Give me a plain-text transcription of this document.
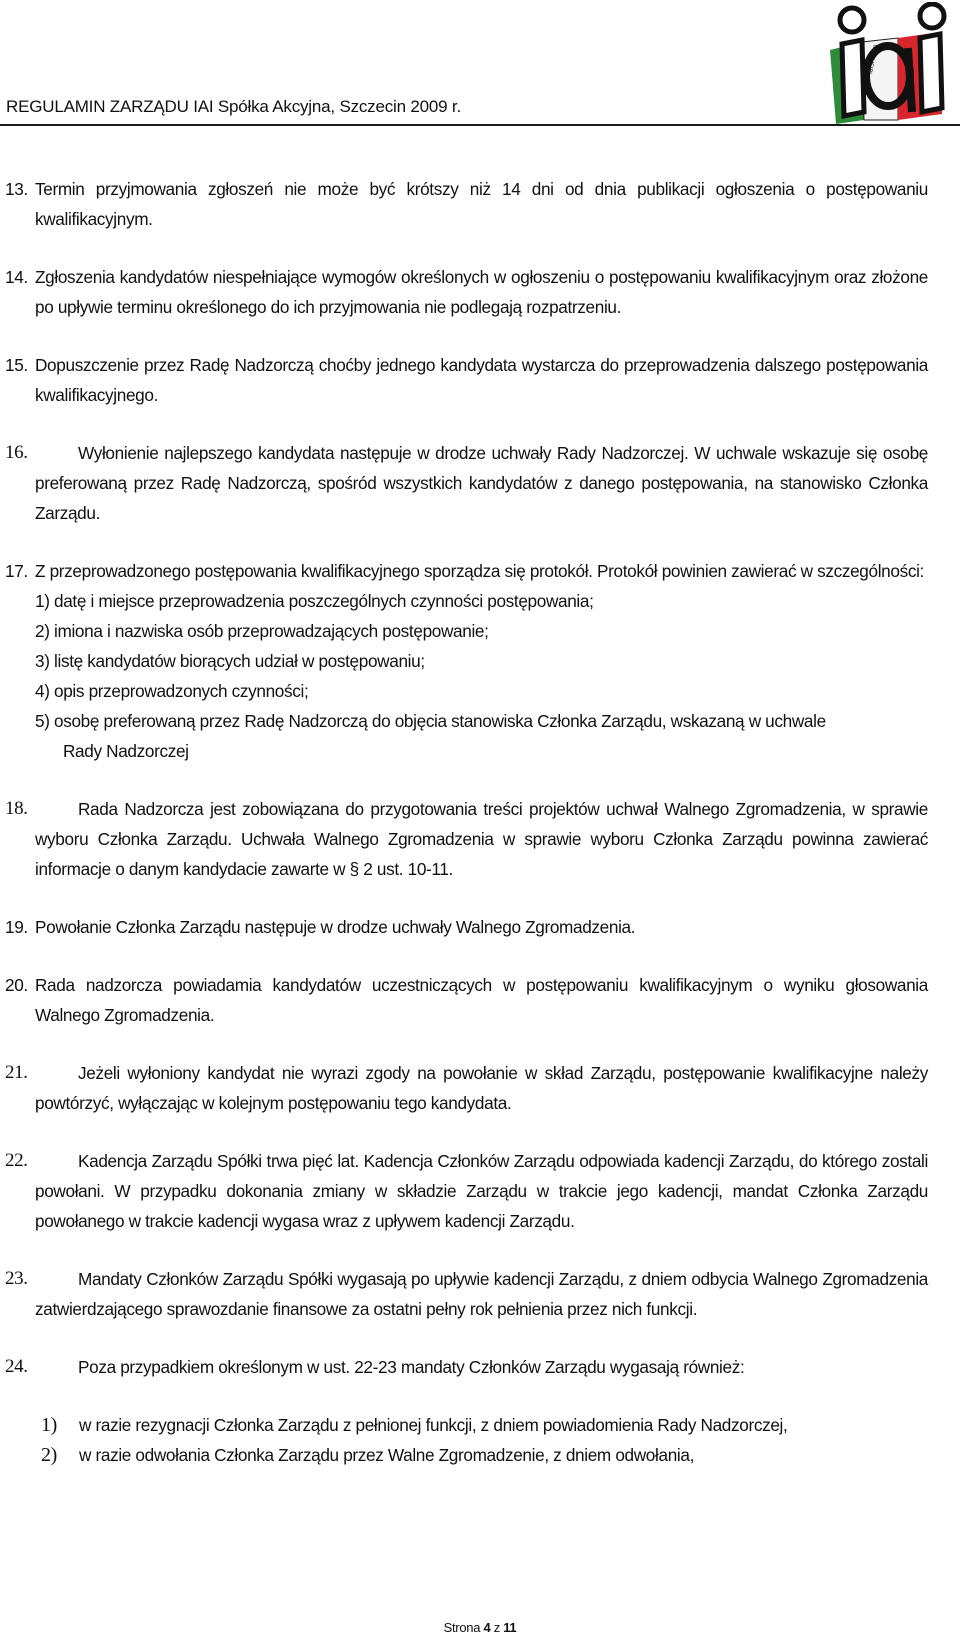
REGULAMIN ZARZĄDU IAI Spółka Akcyjna, Szczecin 2009 r.
iaiSA.com
13. Termin przyjmowania zgłoszeń nie może być krótszy niż 14 dni od dnia publikacji ogłoszenia o postępowaniu kwalifikacyjnym.
14. Zgłoszenia kandydatów niespełniające wymogów określonych w ogłoszeniu o postępowaniu kwalifikacyjnym oraz złożone po upływie terminu określonego do ich przyjmowania nie podlegają rozpatrzeniu.
15. Dopuszczenie przez Radę Nadzorczą choćby jednego kandydata wystarcza do przeprowadzenia dalszego postępowania kwalifikacyjnego.
16.	Wyłonienie najlepszego kandydata następuje w drodze uchwały Rady Nadzorczej. W uchwale wskazuje się osobę preferowaną przez Radę Nadzorczą, spośród wszystkich kandydatów z danego postępowania, na stanowisko Członka Zarządu.
17. Z przeprowadzonego postępowania kwalifikacyjnego sporządza się protokół. Protokół powinien zawierać w szczególności:

1) datę i miejsce przeprowadzenia poszczególnych czynności postępowania;

2) imiona i nazwiska osób przeprowadzających postępowanie;

3) listę kandydatów biorących udział w postępowaniu;

4) opis przeprowadzonych czynności;

5) osobę preferowaną przez Radę Nadzorczą do objęcia stanowiska Członka Zarządu, wskazaną w uchwale

Rady Nadzorczej

18.	Rada Nadzorcza jest zobowiązana do przygotowania treści projektów uchwał Walnego Zgromadzenia, w sprawie wyboru Członka Zarządu. Uchwała Walnego Zgromadzenia w sprawie wyboru Członka Zarządu powinna zawierać informacje o danym kandydacie zawarte w § 2 ust. 10-11.
19. Powołanie Członka Zarządu następuje w drodze uchwały Walnego Zgromadzenia.
20. Rada nadzorcza powiadamia kandydatów uczestniczących w postępowaniu kwalifikacyjnym o wyniku głosowania Walnego Zgromadzenia.
21.	Jeżeli wyłoniony kandydat nie wyrazi zgody na powołanie w skład Zarządu, postępowanie kwalifikacyjne należy powtórzyć, wyłączając w kolejnym postępowaniu tego kandydata.
22.	Kadencja Zarządu Spółki trwa pięć lat. Kadencja Członków Zarządu odpowiada kadencji Zarządu, do którego zostali powołani. W przypadku dokonania zmiany w składzie Zarządu w trakcie jego kadencji, mandat Członka Zarządu powołanego w trakcie kadencji wygasa wraz z upływem kadencji Zarządu.
23.	Mandaty Członków Zarządu Spółki wygasają po upływie kadencji Zarządu, z dniem odbycia Walnego Zgromadzenia zatwierdzającego sprawozdanie finansowe za ostatni pełny rok pełnienia przez nich funkcji.
24.	Poza przypadkiem określonym w ust. 22-23 mandaty Członków Zarządu wygasają również:
1) w razie rezygnacji Członka Zarządu z pełnionej funkcji, z dniem powiadomienia Rady Nadzorczej,
2) w razie odwołania Członka Zarządu przez Walne Zgromadzenie, z dniem odwołania,
Strona 4 z 11
